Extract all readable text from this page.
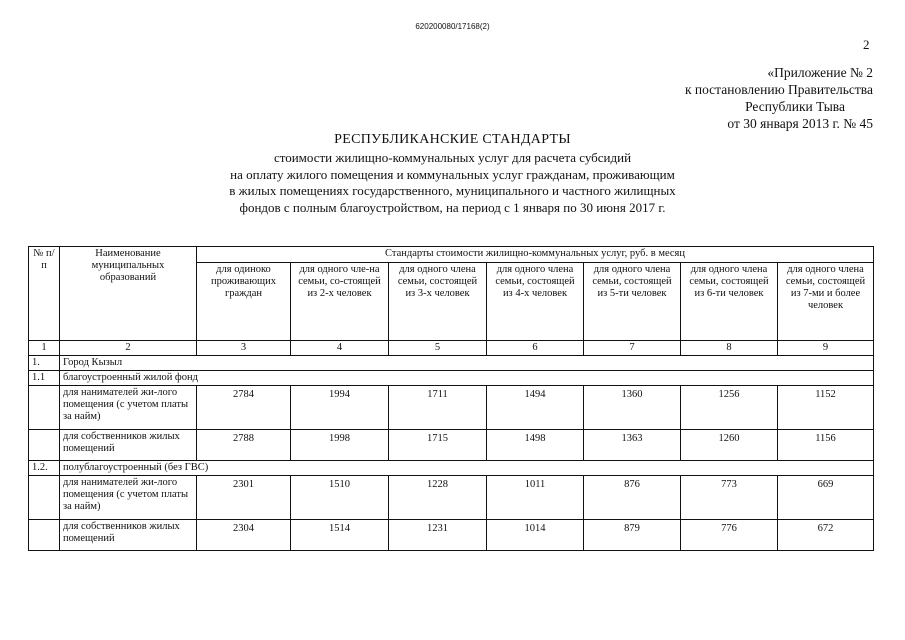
620200080/17168(2)
2
«Приложение № 2
к постановлению Правительства
Республики Тыва
от 30 января 2013 г. № 45
РЕСПУБЛИКАНСКИЕ СТАНДАРТЫ
стоимости жилищно-коммунальных услуг для расчета субсидий
на оплату жилого помещения и коммунальных услуг гражданам, проживающим
в жилых помещениях государственного, муниципального и частного жилищных
фондов с полным благоустройством, на период с 1 января по 30 июня 2017 г.
№ п/п	Наименование муниципальных образований	Стандарты стоимости жилищно-коммунальных услуг, руб. в месяц						
		для одиноко проживающих граждан	для одного чле-на семьи, со-стоящей из 2-х человек	для одного члена семьи, состоящей из 3-х человек	для одного члена семьи, состоящей из 4-х человек	для одного члена семьи, состоящей из 5-ти человек	для одного члена семьи, состоящей из 6-ти человек	для одного члена семьи, состоящей из 7-ми и более человек
1	2	3	4	5	6	7	8	9
1.	Город Кызыл							
1.1	благоустроенный жилой фонд							
	для нанимателей жи-лого помещения (с учетом платы за найм)	2784	1994	1711	1494	1360	1256	1152
	для собственников жилых помещений	2788	1998	1715	1498	1363	1260	1156
1.2.	полублагоустроенный (без ГВС)							
	для нанимателей жи-лого помещения (с учетом платы за найм)	2301	1510	1228	1011	876	773	669
	для собственников жилых помещений	2304	1514	1231	1014	879	776	672
